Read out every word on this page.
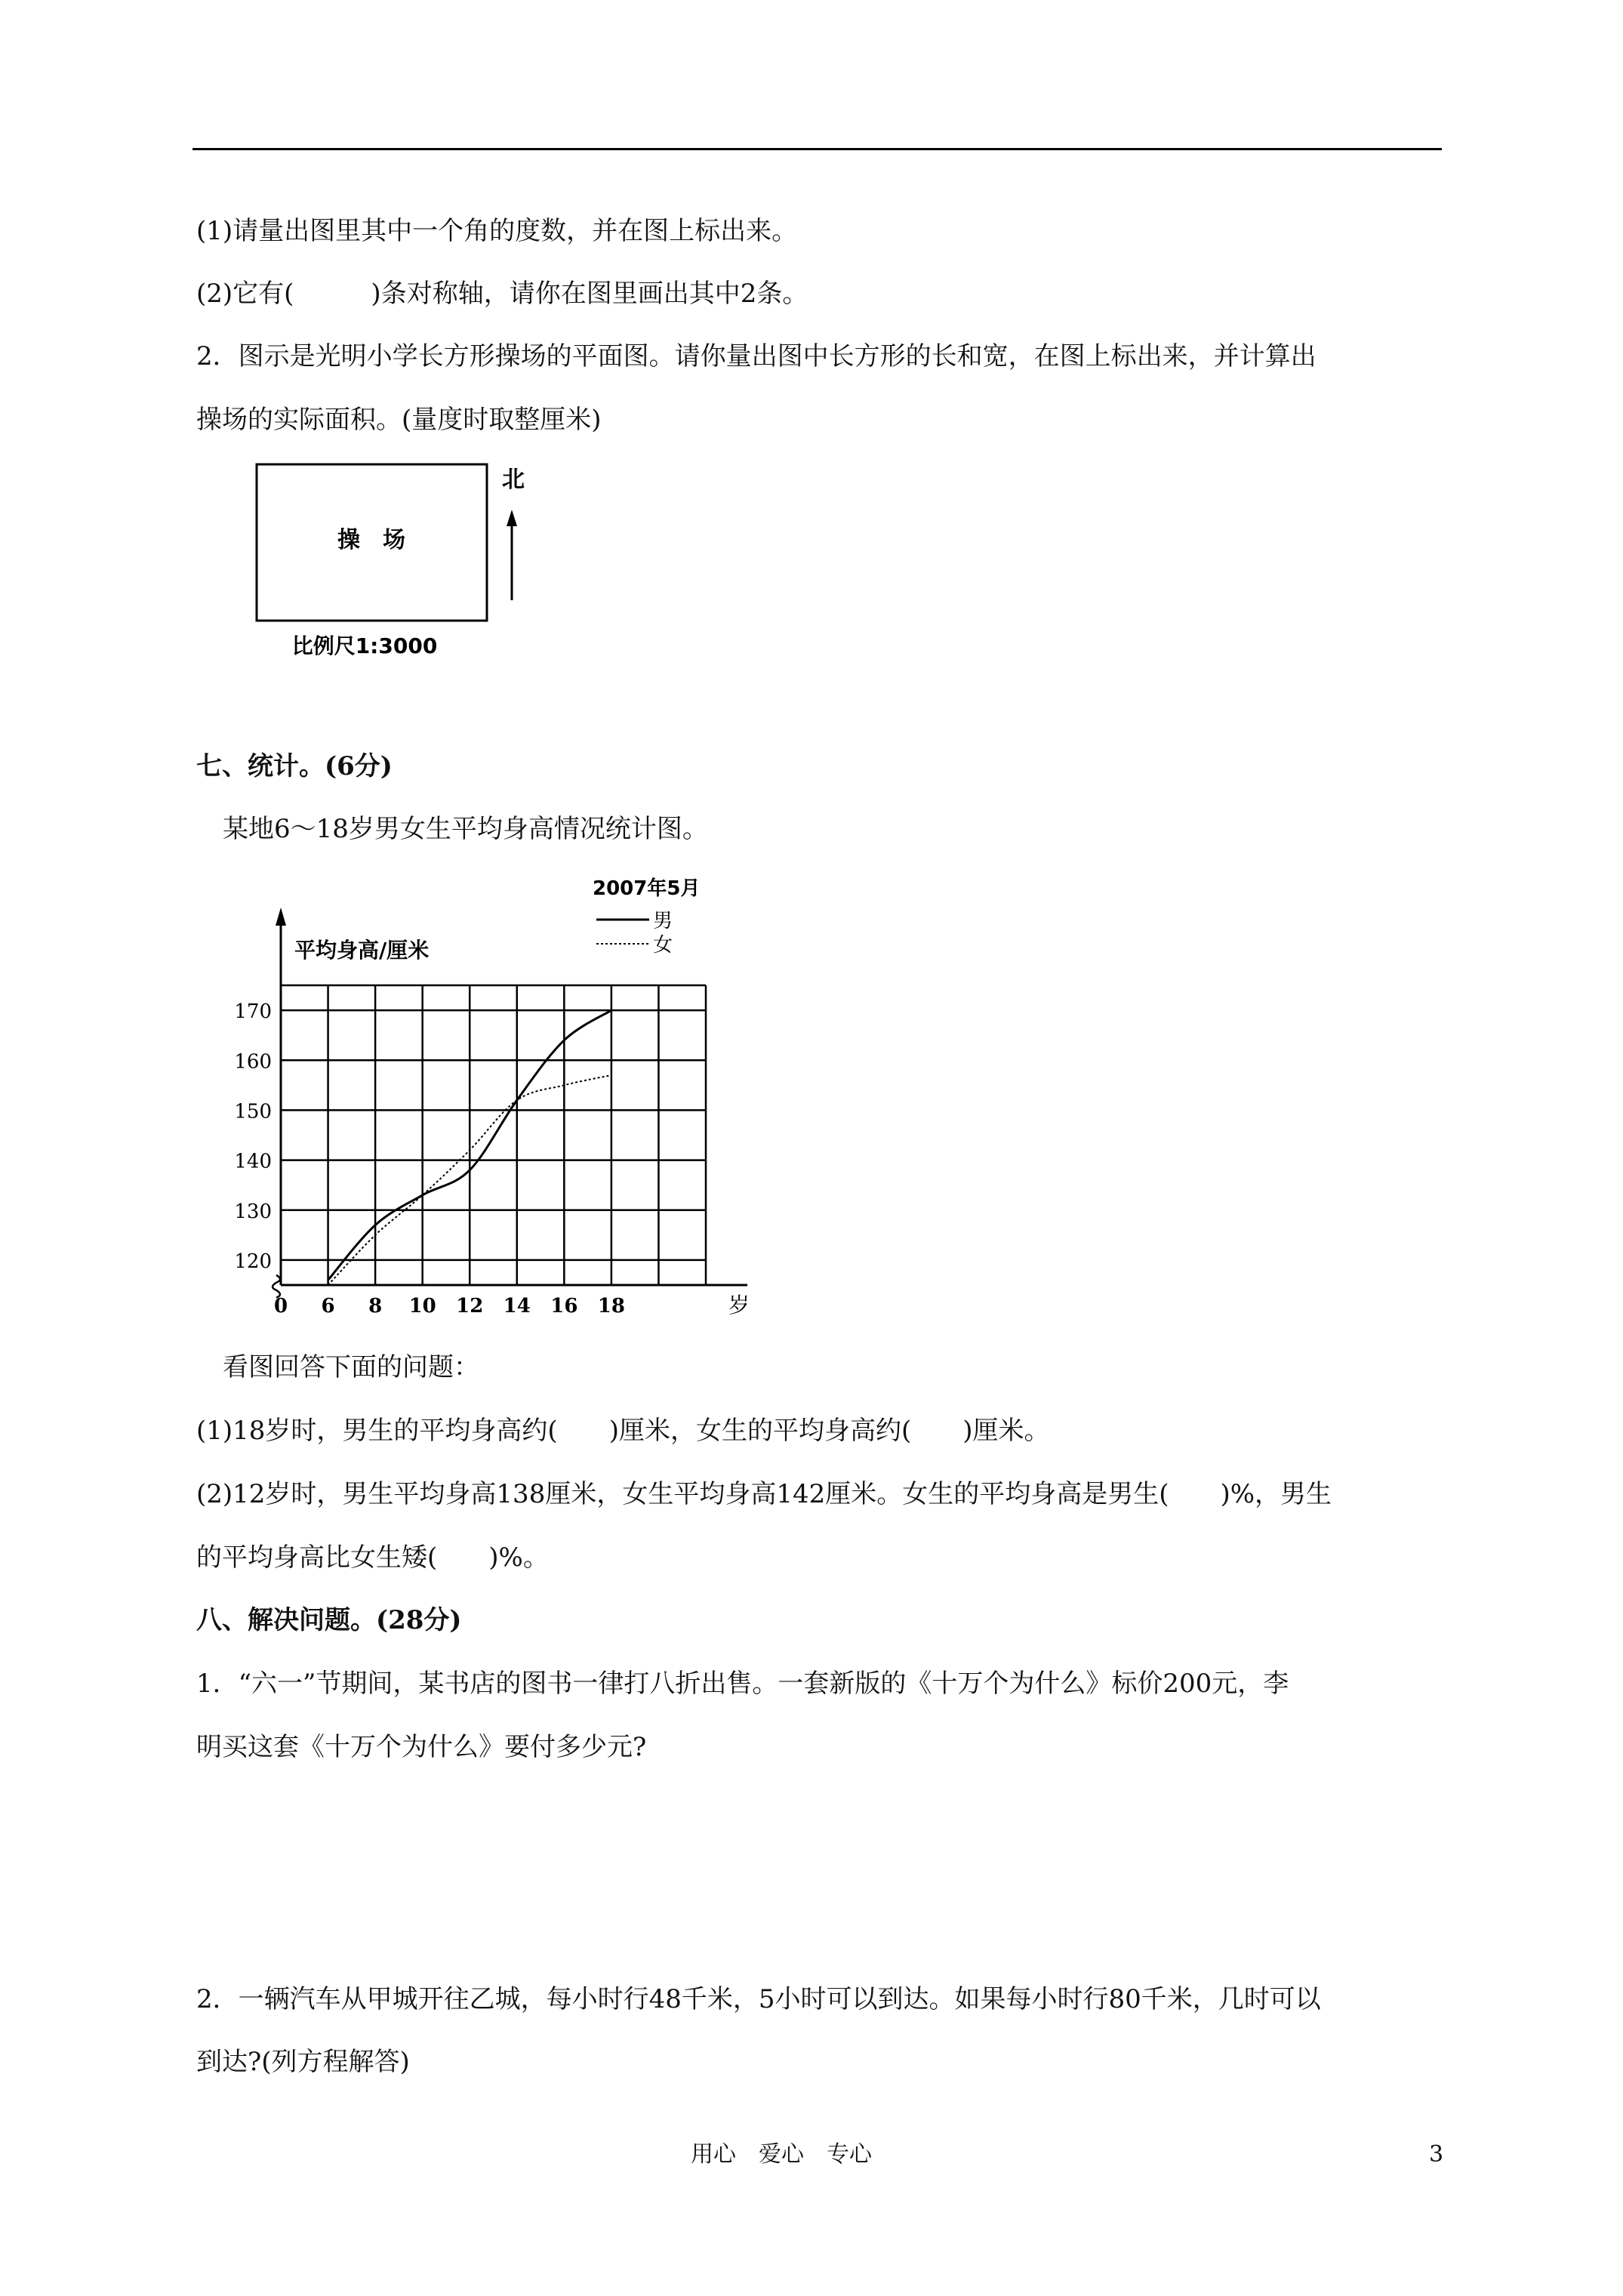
(1)请量出图里其中一个角的度数，并在图上标出来。
(2)它有(　　　)条对称轴，请你在图里画出其中2条。
2．图示是光明小学长方形操场的平面图。请你量出图中长方形的长和宽，在图上标出来，并计算出
操场的实际面积。(量度时取整厘米)
操　场
北
比例尺1:3000
七、统计。(6分)
某地6～18岁男女生平均身高情况统计图。
120
130
140
150
160
170
0 6 8 10 12 14 16 18
平均身高/厘米
岁
2007年5月
男
女
看图回答下面的问题：
(1)18岁时，男生的平均身高约(　　)厘米，女生的平均身高约(　　)厘米。
(2)12岁时，男生平均身高138厘米，女生平均身高142厘米。女生的平均身高是男生(　　)%，男生
的平均身高比女生矮(　　)%。
八、解决问题。(28分)
1．“六一”节期间，某书店的图书一律打八折出售。一套新版的《十万个为什么》标价200元，李
明买这套《十万个为什么》要付多少元?
2．一辆汽车从甲城开往乙城，每小时行48千米，5小时可以到达。如果每小时行80千米，几时可以
到达?(列方程解答)
用心　爱心　专心	3
